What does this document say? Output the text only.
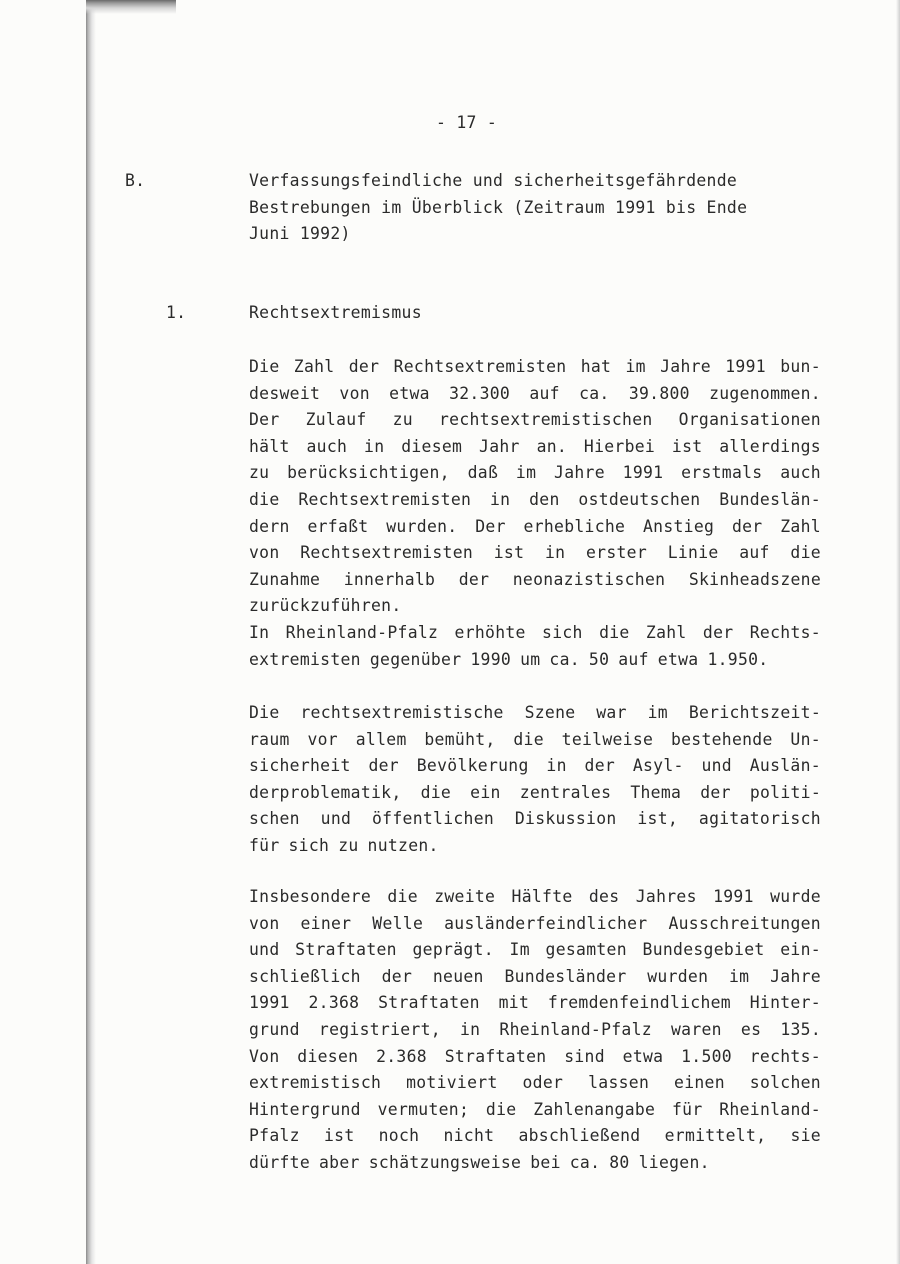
- 17 -
B.	Verfassungsfeindliche und sicherheitsgefährdende
Bestrebungen im Überblick (Zeitraum 1991 bis Ende
Juni 1992)
1.	Rechtsextremismus
Die Zahl der Rechtsextremisten hat im Jahre 1991 bun-
desweit von etwa 32.300 auf ca. 39.800 zugenommen.
Der Zulauf zu rechtsextremistischen Organisationen
hält auch in diesem Jahr an. Hierbei ist allerdings
zu berücksichtigen, daß im Jahre 1991 erstmals auch
die Rechtsextremisten in den ostdeutschen Bundeslän-
dern erfaßt wurden. Der erhebliche Anstieg der Zahl
von Rechtsextremisten ist in erster Linie auf die
Zunahme innerhalb der neonazistischen Skinheadszene
zurückzuführen.
In Rheinland-Pfalz erhöhte sich die Zahl der Rechts-
extremisten gegenüber 1990 um ca. 50 auf etwa 1.950.
Die rechtsextremistische Szene war im Berichtszeit-
raum vor allem bemüht, die teilweise bestehende Un-
sicherheit der Bevölkerung in der Asyl- und Auslän-
derproblematik, die ein zentrales Thema der politi-
schen und öffentlichen Diskussion ist, agitatorisch
für sich zu nutzen.
Insbesondere die zweite Hälfte des Jahres 1991 wurde
von einer Welle ausländerfeindlicher Ausschreitungen
und Straftaten geprägt. Im gesamten Bundesgebiet ein-
schließlich der neuen Bundesländer wurden im Jahre
1991 2.368 Straftaten mit fremdenfeindlichem Hinter-
grund registriert, in Rheinland-Pfalz waren es 135.
Von diesen 2.368 Straftaten sind etwa 1.500 rechts-
extremistisch motiviert oder lassen einen solchen
Hintergrund vermuten; die Zahlenangabe für Rheinland-
Pfalz ist noch nicht abschließend ermittelt, sie
dürfte aber schätzungsweise bei ca. 80 liegen.
